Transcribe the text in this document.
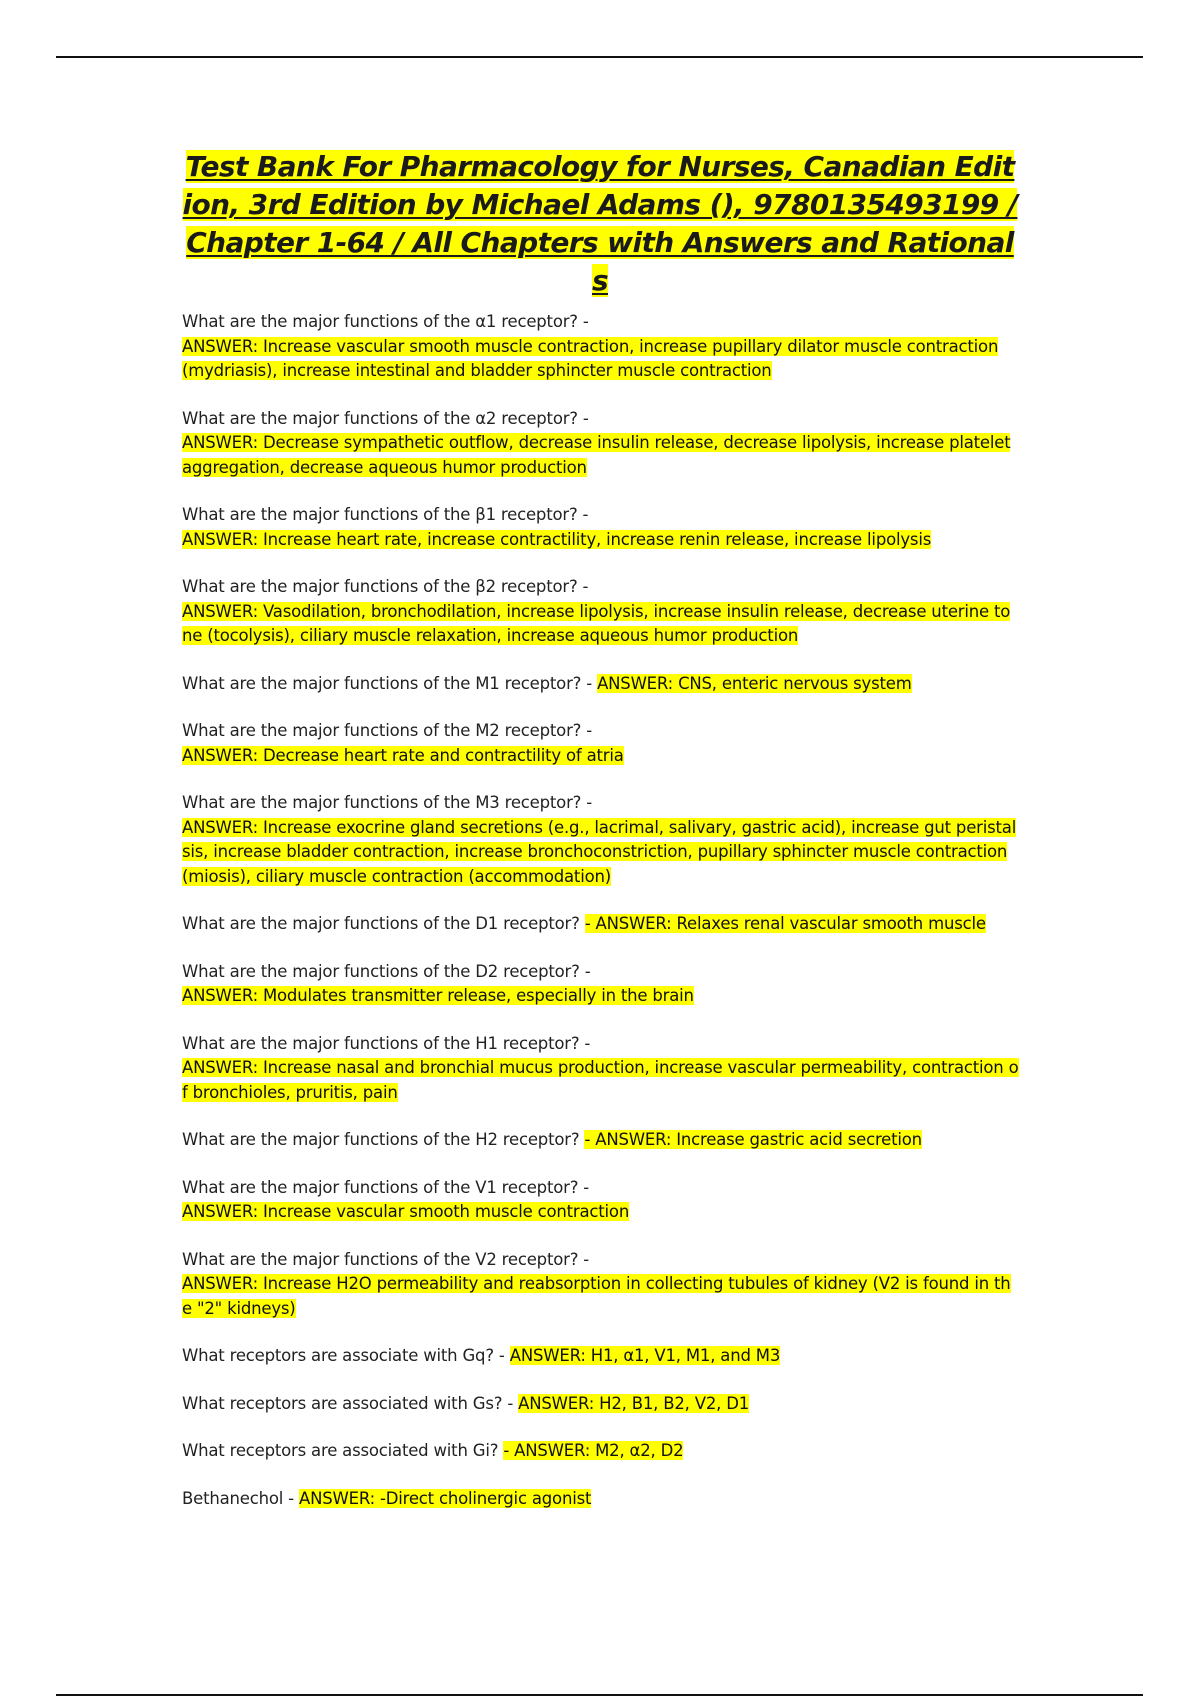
Test Bank For Pharmacology for Nurses, Canadian Edition, 3rd Edition by Michael Adams (), 9780135493199 / Chapter 1-64 / All Chapters with Answers and Rationals
What are the major functions of the α1 receptor? -
ANSWER: Increase vascular smooth muscle contraction, increase pupillary dilator muscle contraction (mydriasis), increase intestinal and bladder sphincter muscle contraction
What are the major functions of the α2 receptor? -
ANSWER: Decrease sympathetic outflow, decrease insulin release, decrease lipolysis, increase platelet aggregation, decrease aqueous humor production
What are the major functions of the β1 receptor? -
ANSWER: Increase heart rate, increase contractility, increase renin release, increase lipolysis
What are the major functions of the β2 receptor? -
ANSWER: Vasodilation, bronchodilation, increase lipolysis, increase insulin release, decrease uterine tone (tocolysis), ciliary muscle relaxation, increase aqueous humor production
What are the major functions of the M1 receptor? - ANSWER: CNS, enteric nervous system
What are the major functions of the M2 receptor? -
ANSWER: Decrease heart rate and contractility of atria
What are the major functions of the M3 receptor? -
ANSWER: Increase exocrine gland secretions (e.g., lacrimal, salivary, gastric acid), increase gut peristalsis, increase bladder contraction, increase bronchoconstriction, pupillary sphincter muscle contraction (miosis), ciliary muscle contraction (accommodation)
What are the major functions of the D1 receptor? - ANSWER: Relaxes renal vascular smooth muscle
What are the major functions of the D2 receptor? -
ANSWER: Modulates transmitter release, especially in the brain
What are the major functions of the H1 receptor? -
ANSWER: Increase nasal and bronchial mucus production, increase vascular permeability, contraction of bronchioles, pruritis, pain
What are the major functions of the H2 receptor? - ANSWER: Increase gastric acid secretion
What are the major functions of the V1 receptor? -
ANSWER: Increase vascular smooth muscle contraction
What are the major functions of the V2 receptor? -
ANSWER: Increase H2O permeability and reabsorption in collecting tubules of kidney (V2 is found in the "2" kidneys)
What receptors are associate with Gq? - ANSWER: H1, α1, V1, M1, and M3
What receptors are associated with Gs? - ANSWER: H2, B1, B2, V2, D1
What receptors are associated with Gi? - ANSWER: M2, α2, D2
Bethanechol - ANSWER: -Direct cholinergic agonist
